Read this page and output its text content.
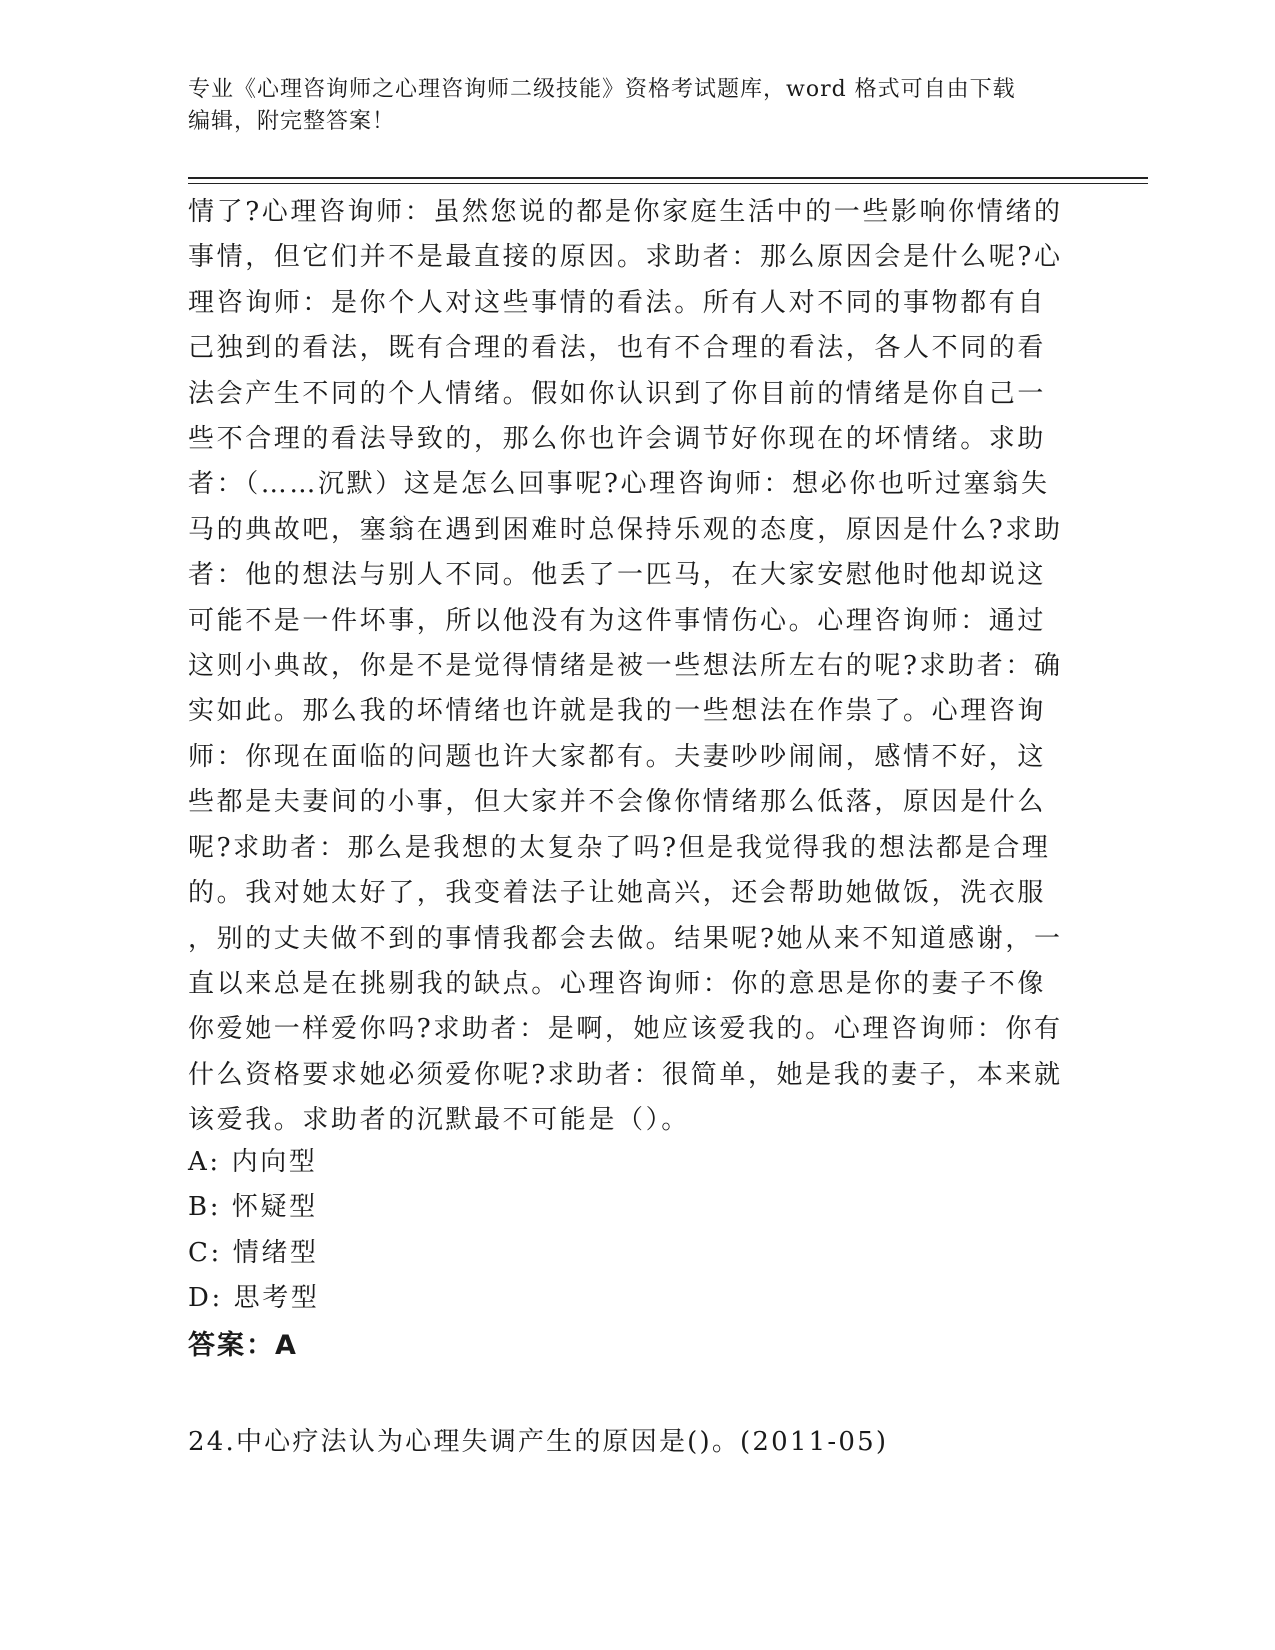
专业《心理咨询师之心理咨询师二级技能》资格考试题库，word 格式可自由下载
编辑，附完整答案！
情了?心理咨询师：虽然您说的都是你家庭生活中的一些影响你情绪的
事情，但它们并不是最直接的原因。求助者：那么原因会是什么呢?心
理咨询师：是你个人对这些事情的看法。所有人对不同的事物都有自
己独到的看法，既有合理的看法，也有不合理的看法，各人不同的看
法会产生不同的个人情绪。假如你认识到了你目前的情绪是你自己一
些不合理的看法导致的，那么你也许会调节好你现在的坏情绪。求助
者：（……沉默）这是怎么回事呢?心理咨询师：想必你也听过塞翁失
马的典故吧，塞翁在遇到困难时总保持乐观的态度，原因是什么?求助
者：他的想法与别人不同。他丢了一匹马，在大家安慰他时他却说这
可能不是一件坏事，所以他没有为这件事情伤心。心理咨询师：通过
这则小典故，你是不是觉得情绪是被一些想法所左右的呢?求助者：确
实如此。那么我的坏情绪也许就是我的一些想法在作祟了。心理咨询
师：你现在面临的问题也许大家都有。夫妻吵吵闹闹，感情不好，这
些都是夫妻间的小事，但大家并不会像你情绪那么低落，原因是什么
呢?求助者：那么是我想的太复杂了吗?但是我觉得我的想法都是合理
的。我对她太好了，我变着法子让她高兴，还会帮助她做饭，洗衣服
，别的丈夫做不到的事情我都会去做。结果呢?她从来不知道感谢，一
直以来总是在挑剔我的缺点。心理咨询师：你的意思是你的妻子不像
你爱她一样爱你吗?求助者：是啊，她应该爱我的。心理咨询师：你有
什么资格要求她必须爱你呢?求助者：很简单，她是我的妻子，本来就
该爱我。求助者的沉默最不可能是（）。
A: 内向型
B: 怀疑型
C: 情绪型
D: 思考型
答案：A
24.中心疗法认为心理失调产生的原因是()。(2011-05)
